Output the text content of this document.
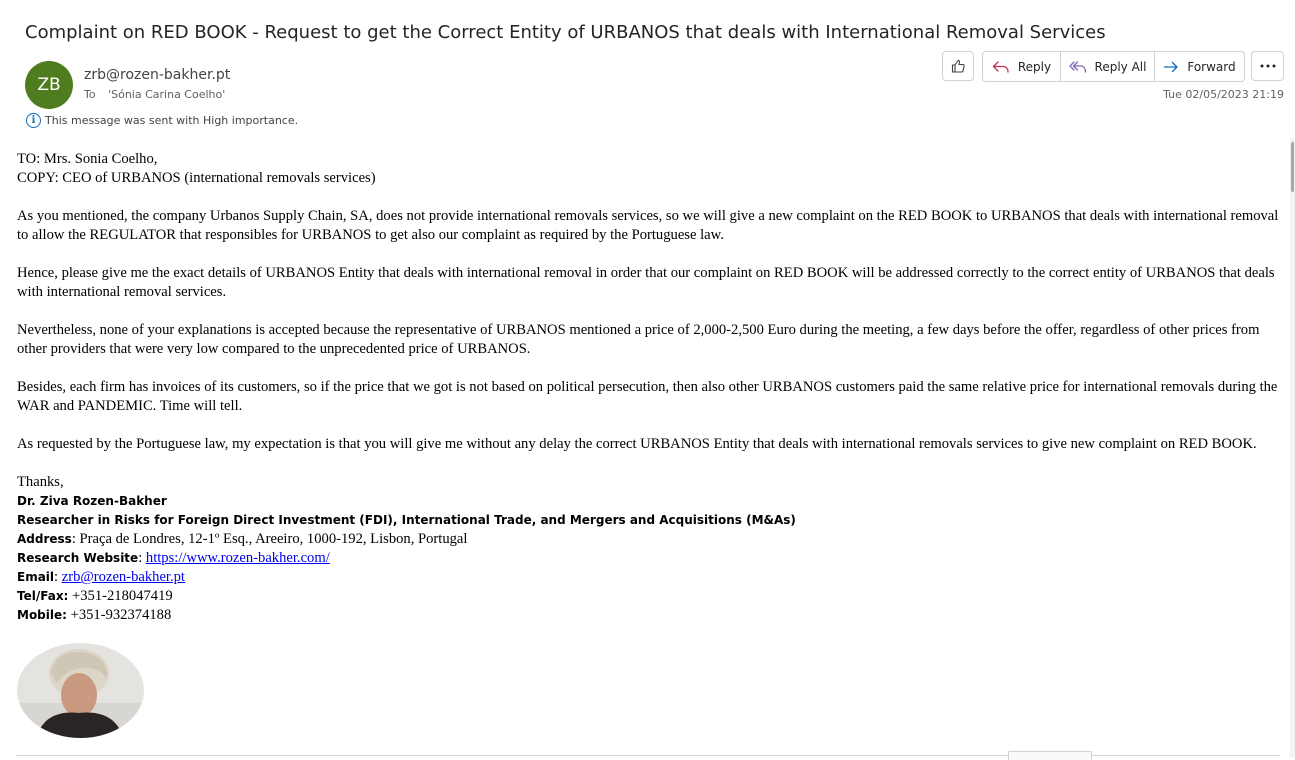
Complaint on RED BOOK - Request to get the Correct Entity of URBANOS that deals with International Removal Services
ZB	zrb@rozen-bakher.pt
To 'Sónia Carina Coelho'
i This message was sent with High importance.
Reply	Reply All	Forward
Tue 02/05/2023 21:19

TO: Mrs. Sonia Coelho,
COPY: CEO of URBANOS (international removals services)

As you mentioned, the company Urbanos Supply Chain, SA, does not provide international removals services, so we will give a new complaint on the RED BOOK to URBANOS that deals with international removal to allow the REGULATOR that responsibles for URBANOS to get also our complaint as required by the Portuguese law.

Hence, please give me the exact details of URBANOS Entity that deals with international removal in order that our complaint on RED BOOK will be addressed correctly to the correct entity of URBANOS that deals with international removal services.

Nevertheless, none of your explanations is accepted because the representative of URBANOS mentioned a price of 2,000-2,500 Euro during the meeting, a few days before the offer, regardless of other prices from other providers that were very low compared to the unprecedented price of URBANOS.

Besides, each firm has invoices of its customers, so if the price that we got is not based on political persecution, then also other URBANOS customers paid the same relative price for international removals during the WAR and PANDEMIC. Time will tell.

As requested by the Portuguese law, my expectation is that you will give me without any delay the correct URBANOS Entity that deals with international removals services to give new complaint on RED BOOK.

Thanks,
Dr. Ziva Rozen-Bakher
Researcher in Risks for Foreign Direct Investment (FDI), International Trade, and Mergers and Acquisitions (M&As)
Address: Praça de Londres, 12-1º Esq., Areeiro, 1000-192, Lisbon, Portugal
Research Website: https://www.rozen-bakher.com/
Email: zrb@rozen-bakher.pt
Tel/Fax: +351-218047419
Mobile: +351-932374188
